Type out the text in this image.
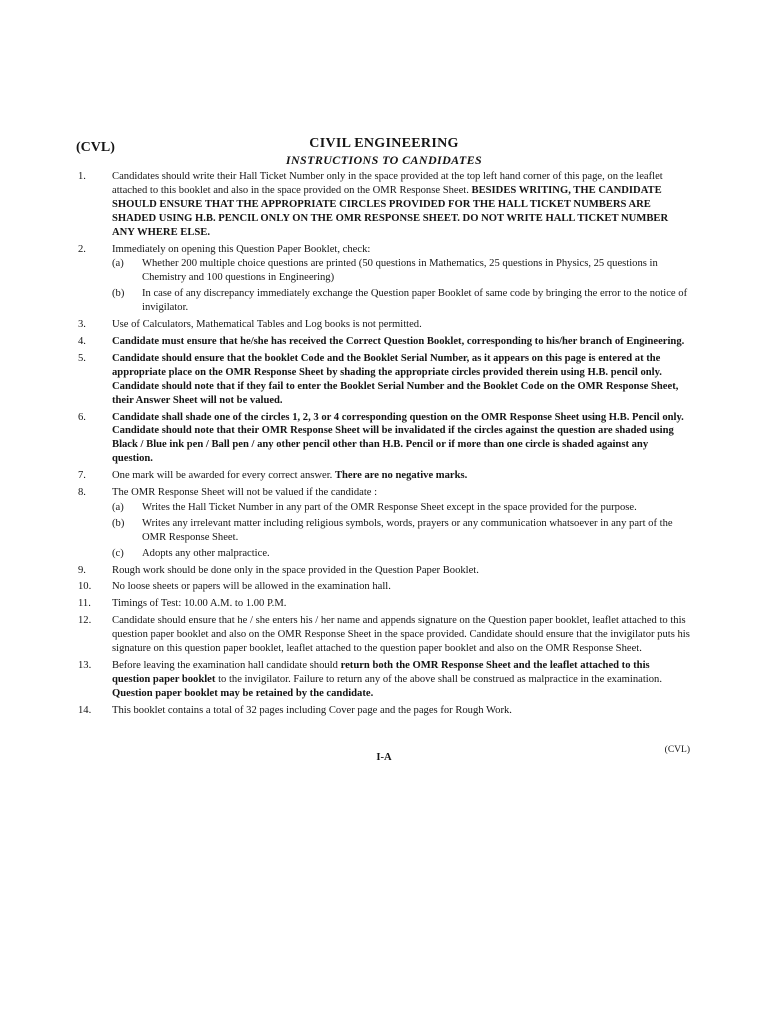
(CVL)	CIVIL ENGINEERING
INSTRUCTIONS TO CANDIDATES
1. Candidates should write their Hall Ticket Number only in the space provided at the top left hand corner of this page, on the leaflet attached to this booklet and also in the space provided on the OMR Response Sheet. BESIDES WRITING, THE CANDIDATE SHOULD ENSURE THAT THE APPROPRIATE CIRCLES PROVIDED FOR THE HALL TICKET NUMBERS ARE SHADED USING H.B. PENCIL ONLY ON THE OMR RESPONSE SHEET. DO NOT WRITE HALL TICKET NUMBER ANY WHERE ELSE.
2. Immediately on opening this Question Paper Booklet, check:
(a) Whether 200 multiple choice questions are printed (50 questions in Mathematics, 25 questions in Physics, 25 questions in Chemistry and 100 questions in Engineering)
(b) In case of any discrepancy immediately exchange the Question paper Booklet of same code by bringing the error to the notice of invigilator.
3. Use of Calculators, Mathematical Tables and Log books is not permitted.
4. Candidate must ensure that he/she has received the Correct Question Booklet, corresponding to his/her branch of Engineering.
5. Candidate should ensure that the booklet Code and the Booklet Serial Number, as it appears on this page is entered at the appropriate place on the OMR Response Sheet by shading the appropriate circles provided therein using H.B. pencil only. Candidate should note that if they fail to enter the Booklet Serial Number and the Booklet Code on the OMR Response Sheet, their Answer Sheet will not be valued.
6. Candidate shall shade one of the circles 1, 2, 3 or 4 corresponding question on the OMR Response Sheet using H.B. Pencil only. Candidate should note that their OMR Response Sheet will be invalidated if the circles against the question are shaded using Black / Blue ink pen / Ball pen / any other pencil other than H.B. Pencil or if more than one circle is shaded against any question.
7. One mark will be awarded for every correct answer. There are no negative marks.
8. The OMR Response Sheet will not be valued if the candidate :
(a) Writes the Hall Ticket Number in any part of the OMR Response Sheet except in the space provided for the purpose.
(b) Writes any irrelevant matter including religious symbols, words, prayers or any communication whatsoever in any part of the OMR Response Sheet.
(c) Adopts any other malpractice.
9. Rough work should be done only in the space provided in the Question Paper Booklet.
10. No loose sheets or papers will be allowed in the examination hall.
11. Timings of Test: 10.00 A.M. to 1.00 P.M.
12. Candidate should ensure that he / she enters his / her name and appends signature on the Question paper booklet, leaflet attached to this question paper booklet and also on the OMR Response Sheet in the space provided. Candidate should ensure that the invigilator puts his signature on this question paper booklet, leaflet attached to the question paper booklet and also on the OMR Response Sheet.
13. Before leaving the examination hall candidate should return both the OMR Response Sheet and the leaflet attached to this question paper booklet to the invigilator. Failure to return any of the above shall be construed as malpractice in the examination. Question paper booklet may be retained by the candidate.
14. This booklet contains a total of 32 pages including Cover page and the pages for Rough Work.
(CVL)
I-A
